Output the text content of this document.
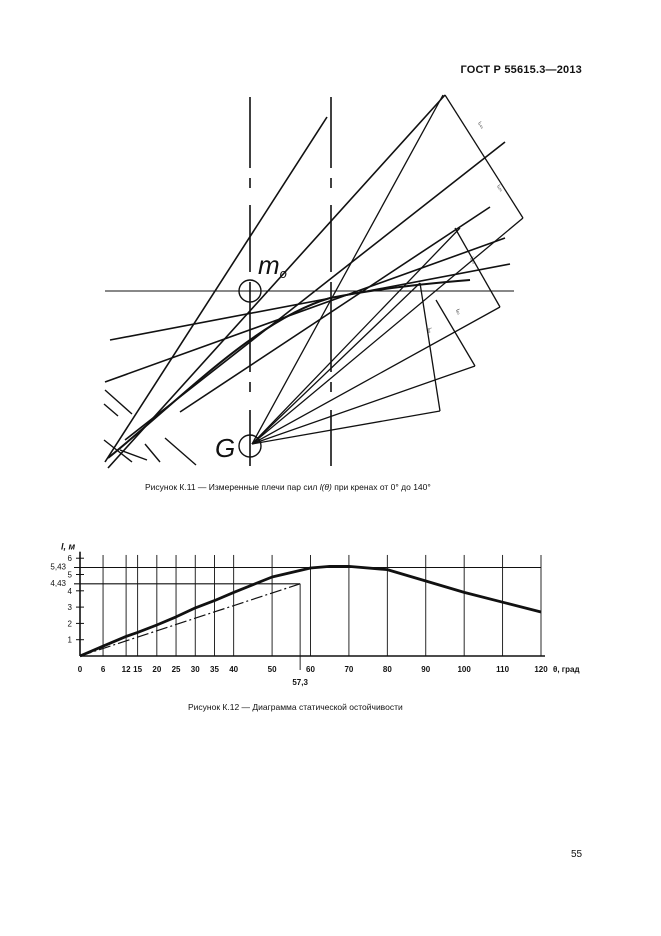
ГОСТ Р 55615.3—2013
l₁₄₀
l₁₂₀
l₁₀₀
l₈₀
l₆₀
mo
G
Рисунок К.11 — Измеренные плечи пар сил l(θ) при кренах от 0° до 140°
1
2
3
4
5
6
5,43
4,43
l, м
0 6 12 15 20 25 30 35 40	50	60	70	80	90	100	110	120
57,3
θ, град
Рисунок К.12 — Диаграмма статической остойчивости
55
